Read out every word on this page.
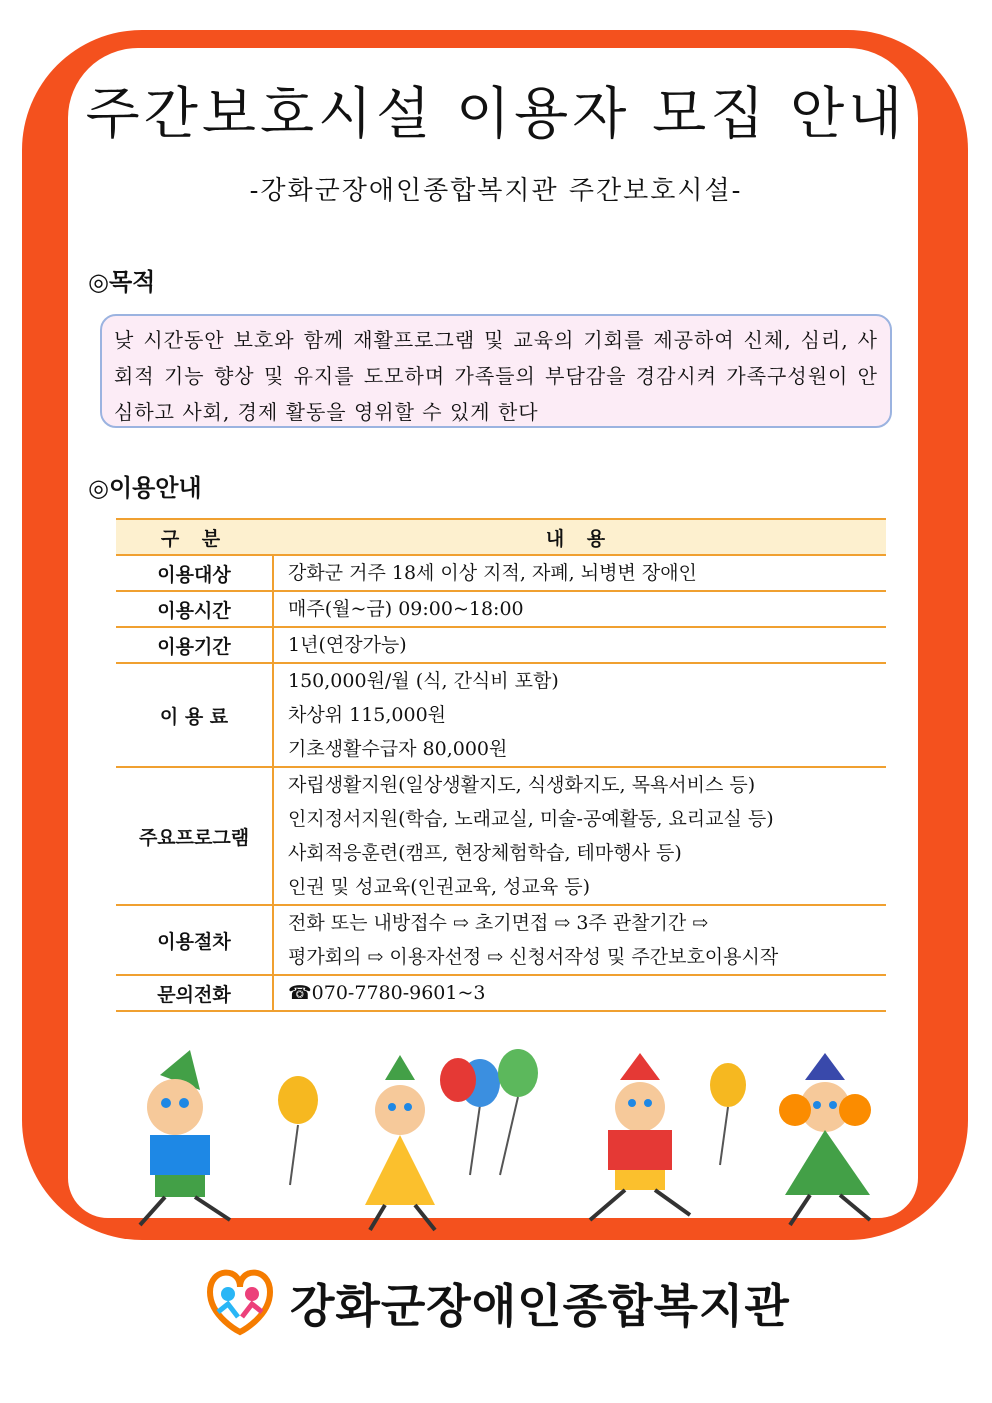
주간보호시설 이용자 모집 안내
-강화군장애인종합복지관 주간보호시설-
◎목적
낮 시간동안 보호와 함께 재활프로그램 및 교육의 기회를 제공하여 신체, 심리, 사회적 기능 향상 및 유지를 도모하며 가족들의 부담감을 경감시켜 가족구성원이 안심하고 사회, 경제 활동을 영위할 수 있게 한다
◎이용안내
구 분	내 용
이용대상	강화군 거주 18세 이상 지적, 자폐, 뇌병변 장애인

이용시간	매주(월~금) 09:00~18:00

이용기간	1년(연장가능)

이 용 료	150,000원/월 (식, 간식비 포함)
차상위 115,000원
기초생활수급자 80,000원

주요프로그램	자립생활지원(일상생활지도, 식생화지도, 목욕서비스 등)
인지정서지원(학습, 노래교실, 미술-공예활동, 요리교실 등)
사회적응훈련(캠프, 현장체험학습, 테마행사 등)
인권 및 성교육(인권교육, 성교육 등)

이용절차	전화 또는 내방접수 ⇨ 초기면접 ⇨ 3주 관찰기간 ⇨
평가회의 ⇨ 이용자선정 ⇨ 신청서작성 및 주간보호이용시작

문의전화	☎070-7780-9601~3
강화군장애인종합복지관
